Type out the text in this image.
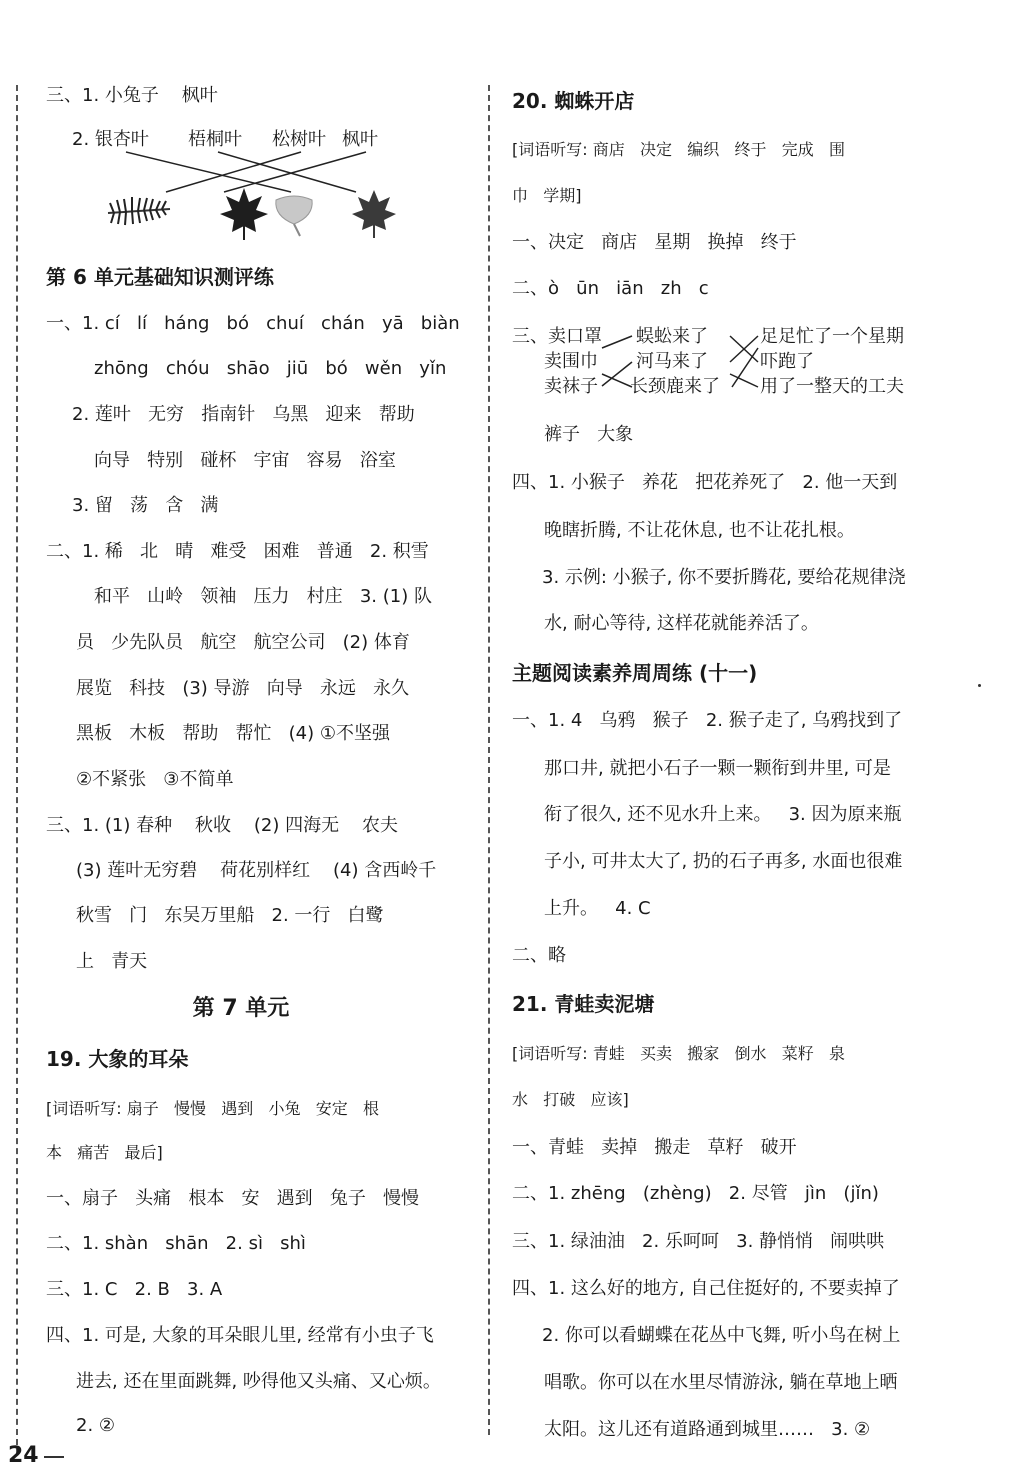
三、1. 小兔子    枫叶
2. 银杏叶 梧桐叶 松树叶 枫叶
第 6 单元基础知识测评练
一、1. cí   lí   háng   bó   chuí   chán   yā   biàn
zhōng   chóu   shāo   jiū   bó   wěn   yǐn
2. 莲叶   无穷   指南针   乌黑   迎来   帮助
向导   特别   碰杯   宇宙   容易   浴室
3. 留   荡   含   满
二、1. 稀   北   晴   难受   困难   普通   2. 积雪
和平   山岭   领袖   压力   村庄   3. (1) 队
员   少先队员   航空   航空公司   (2) 体育
展览   科技   (3) 导游   向导   永远   永久
黑板   木板   帮助   帮忙   (4) ①不坚强
②不紧张   ③不简单
三、1. (1) 春种    秋收    (2) 四海无    农夫
(3) 莲叶无穷碧    荷花别样红    (4) 含西岭千
秋雪   门   东吴万里船   2. 一行   白鹭
上   青天
第 7 单元
19. 大象的耳朵
[词语听写: 扇子   慢慢   遇到   小兔   安定   根
本   痛苦   最后]
一、扇子   头痛   根本   安   遇到   兔子   慢慢
二、1. shàn   shān   2. sì   shì
三、1. C   2. B   3. A
四、1. 可是, 大象的耳朵眼儿里, 经常有小虫子飞
进去, 还在里面跳舞, 吵得他又头痛、又心烦。
2. ②
20. 蜘蛛开店
[词语听写: 商店   决定   编织   终于   完成   围
巾   学期]
一、决定   商店   星期   换掉   终于
二、ò   ūn   iān   zh   c
三、卖口罩
卖围巾
卖袜子
蜈蚣来了
河马来了
长颈鹿来了
足足忙了一个星期
吓跑了
用了一整天的工夫
裤子   大象
四、1. 小猴子   养花   把花养死了   2. 他一天到
晚瞎折腾, 不让花休息, 也不让花扎根。
3. 示例: 小猴子, 你不要折腾花, 要给花规律浇
水, 耐心等待, 这样花就能养活了。
主题阅读素养周周练 (十一)
一、1. 4   乌鸦   猴子   2. 猴子走了, 乌鸦找到了
那口井, 就把小石子一颗一颗衔到井里, 可是
衔了很久, 还不见水升上来。   3. 因为原来瓶
子小, 可井太大了, 扔的石子再多, 水面也很难
上升。   4. C
二、略
21. 青蛙卖泥塘
[词语听写: 青蛙   买卖   搬家   倒水   菜籽   泉
水   打破   应该]
一、青蛙   卖掉   搬走   草籽   破开
二、1. zhēng   (zhèng)   2. 尽管   jìn   (jǐn)
三、1. 绿油油   2. 乐呵呵   3. 静悄悄   闹哄哄
四、1. 这么好的地方, 自己住挺好的, 不要卖掉了
2. 你可以看蝴蝶在花丛中飞舞, 听小鸟在树上
唱歌。你可以在水里尽情游泳, 躺在草地上晒
太阳。这儿还有道路通到城里……   3. ②
24
